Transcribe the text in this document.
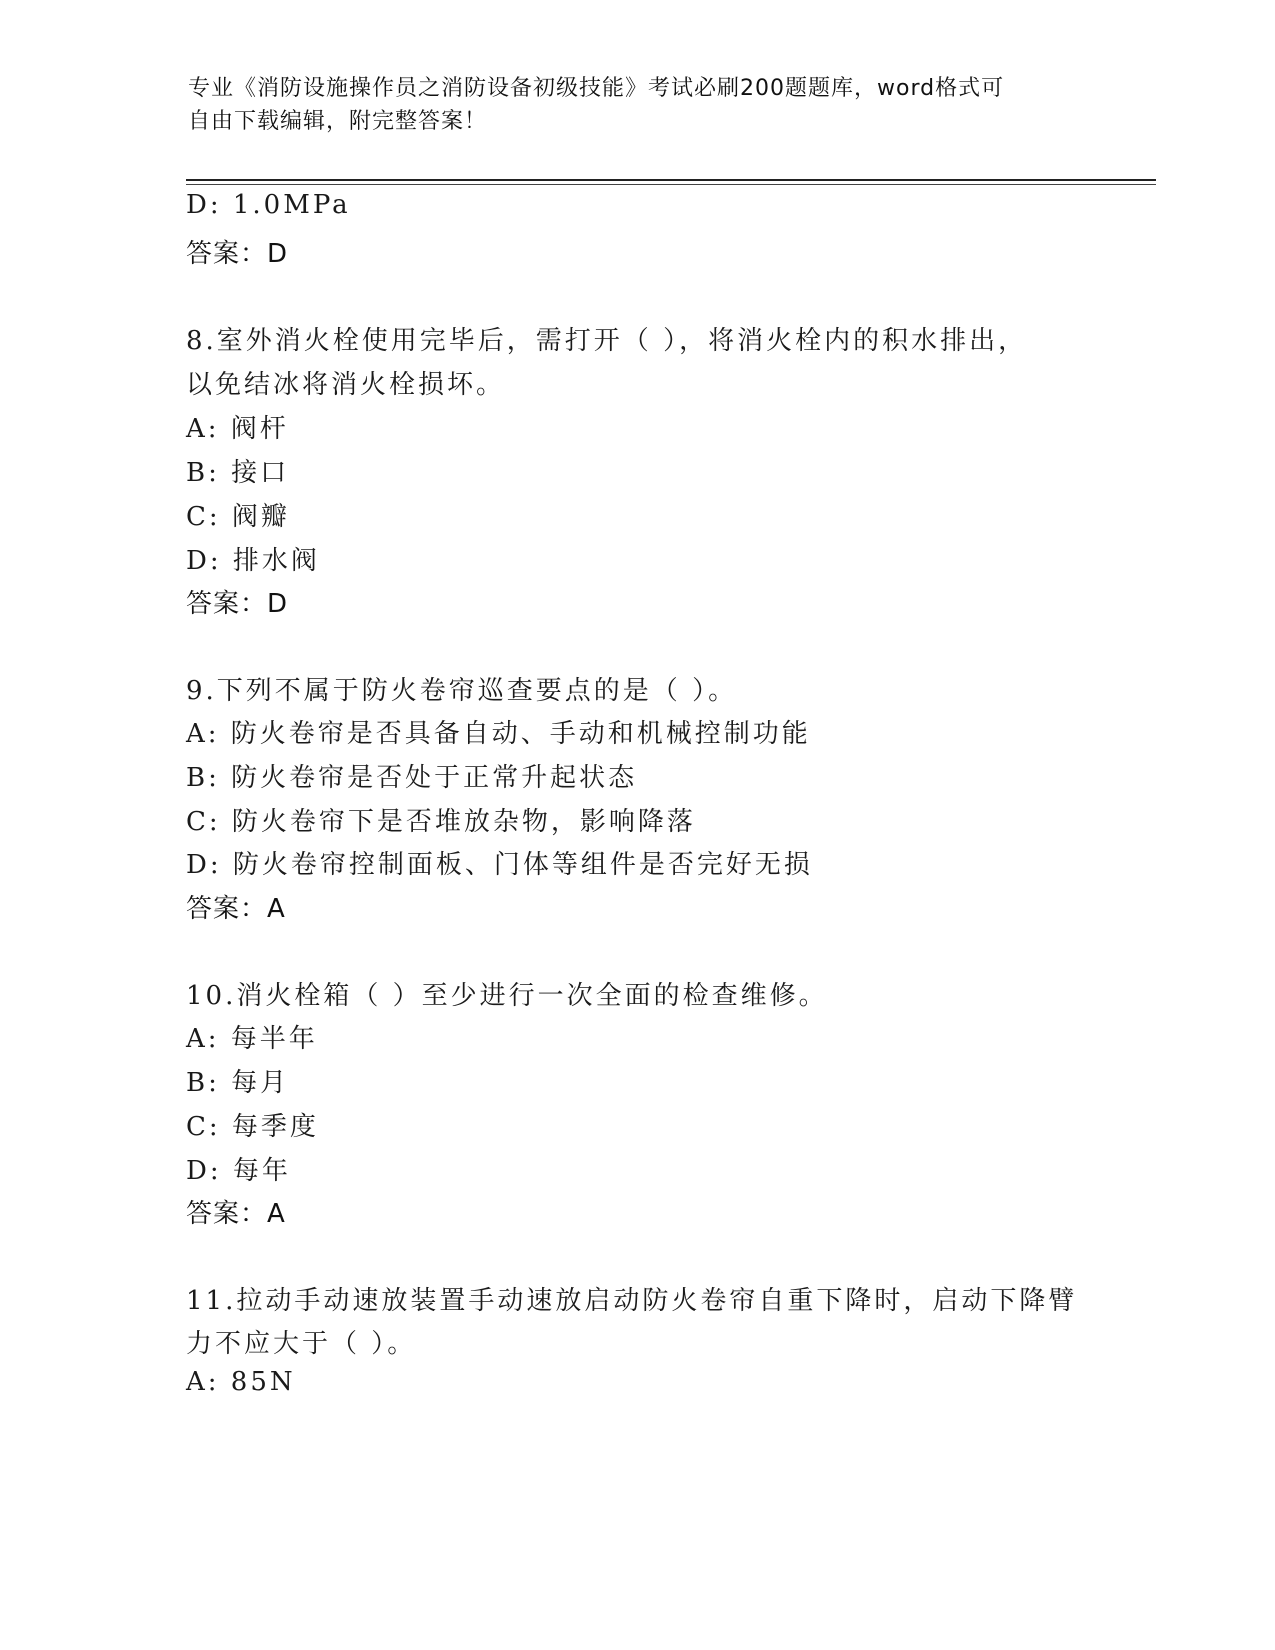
专业《消防设施操作员之消防设备初级技能》考试必刷200题题库，word格式可
自由下载编辑，附完整答案！
D: 1.0MPa
答案：D
8.室外消火栓使用完毕后，需打开（ ），将消火栓内的积水排出，
以免结冰将消火栓损坏。
A: 阀杆
B: 接口
C: 阀瓣
D: 排水阀
答案：D
9.下列不属于防火卷帘巡查要点的是（ ）。
A: 防火卷帘是否具备自动、手动和机械控制功能
B: 防火卷帘是否处于正常升起状态
C: 防火卷帘下是否堆放杂物，影响降落
D: 防火卷帘控制面板、门体等组件是否完好无损
答案：A
10.消火栓箱（ ）至少进行一次全面的检查维修。
A: 每半年
B: 每月
C: 每季度
D: 每年
答案：A
11.拉动手动速放装置手动速放启动防火卷帘自重下降时，启动下降臂
力不应大于（ ）。
A: 85N
